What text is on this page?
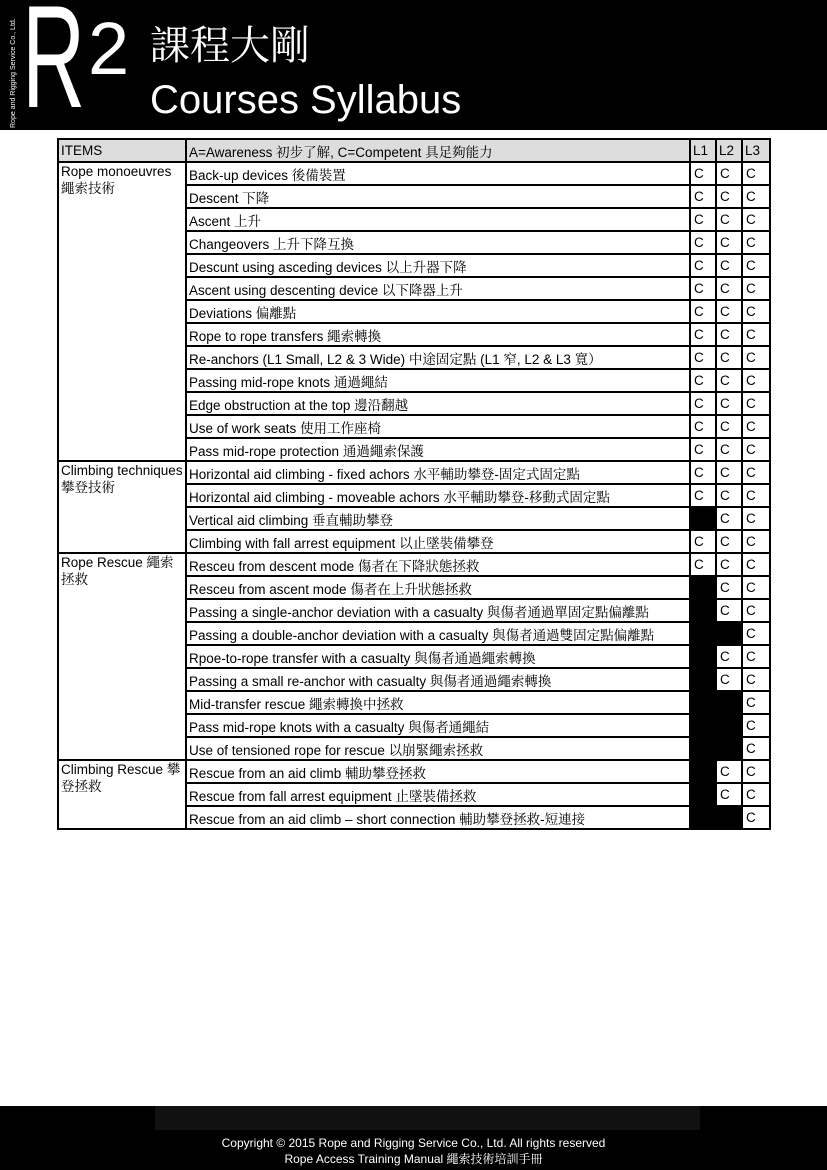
Rope and Rigging Service Co., Ltd. R 2 課程大剛
Courses Syllabus
ITEMS	A=Awareness 初步了解, C=Competent 具足夠能力	L1	L2	L3
Rope monoeuvres 繩索技術	Back-up devices 後備裝置	C	C	C
	Descent 下降	C	C	C
	Ascent 上升	C	C	C
	Changeovers 上升下降互換	C	C	C
	Descunt using asceding devices 以上升器下降	C	C	C
	Ascent using descenting device 以下降器上升	C	C	C
	Deviations 偏離點	C	C	C
	Rope to rope transfers 繩索轉換	C	C	C
	Re-anchors (L1 Small, L2 & 3 Wide) 中途固定點 (L1 窄, L2 & L3 寬）	C	C	C
	Passing mid-rope knots 通過繩結	C	C	C
	Edge obstruction at the top 邊沿翻越	C	C	C
	Use of work seats 使用工作座椅	C	C	C
	Pass mid-rope protection 通過繩索保護	C	C	C
Climbing techniques 攀登技術	Horizontal aid climbing - fixed achors 水平輔助攀登-固定式固定點	C	C	C
	Horizontal aid climbing - moveable achors 水平輔助攀登-移動式固定點	C	C	C
	Vertical aid climbing 垂直輔助攀登		C	C
	Climbing with fall arrest equipment 以止墜裝備攀登	C	C	C
Rope Rescue 繩索拯救	Resceu from descent mode 傷者在下降狀態拯救	C	C	C
	Resceu from ascent mode 傷者在上升狀態拯救		C	C
	Passing a single-anchor deviation with a casualty 與傷者通過單固定點偏離點		C	C
	Passing a double-anchor deviation with a casualty 與傷者通過雙固定點偏離點			C
	Rpoe-to-rope transfer with a casualty 與傷者通過繩索轉換		C	C
	Passing a small re-anchor with casualty 與傷者通過繩索轉換		C	C
	Mid-transfer rescue 繩索轉換中拯救			C
	Pass mid-rope knots with a casualty 與傷者通繩結			C
	Use of tensioned rope for rescue 以崩緊繩索拯救			C
Climbing Rescue 攀登拯救	Rescue from an aid climb 輔助攀登拯救		C	C
	Rescue from fall arrest equipment 止墜裝備拯救		C	C
	Rescue from an aid climb – short connection 輔助攀登拯救-短連接			C
Copyright © 2015 Rope and Rigging Service Co., Ltd. All rights reserved
Rope Access Training Manual 繩索技術培訓手冊
